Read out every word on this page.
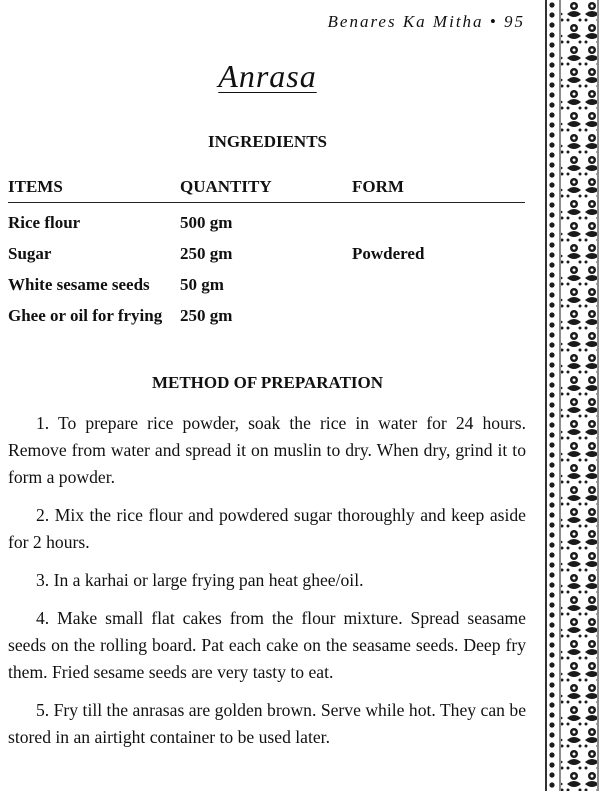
Benares Ka Mitha • 95
Anrasa
INGREDIENTS
ITEMS	QUANTITY	FORM
Rice flour	500 gm
Sugar	250 gm	Powdered
White sesame seeds	50 gm
Ghee or oil for frying	250 gm
METHOD OF PREPARATION

1. To prepare rice powder, soak the rice in water for 24 hours. Remove from water and spread it on muslin to dry. When dry, grind it to form a powder.

2. Mix the rice flour and powdered sugar thoroughly and keep aside for 2 hours.

3. In a karhai or large frying pan heat ghee/oil.

4. Make small flat cakes from the flour mixture. Spread seasame seeds on the rolling board. Pat each cake on the seasame seeds. Deep fry them. Fried sesame seeds are very tasty to eat.

5. Fry till the anrasas are golden brown. Serve while hot. They can be stored in an airtight container to be used later.
